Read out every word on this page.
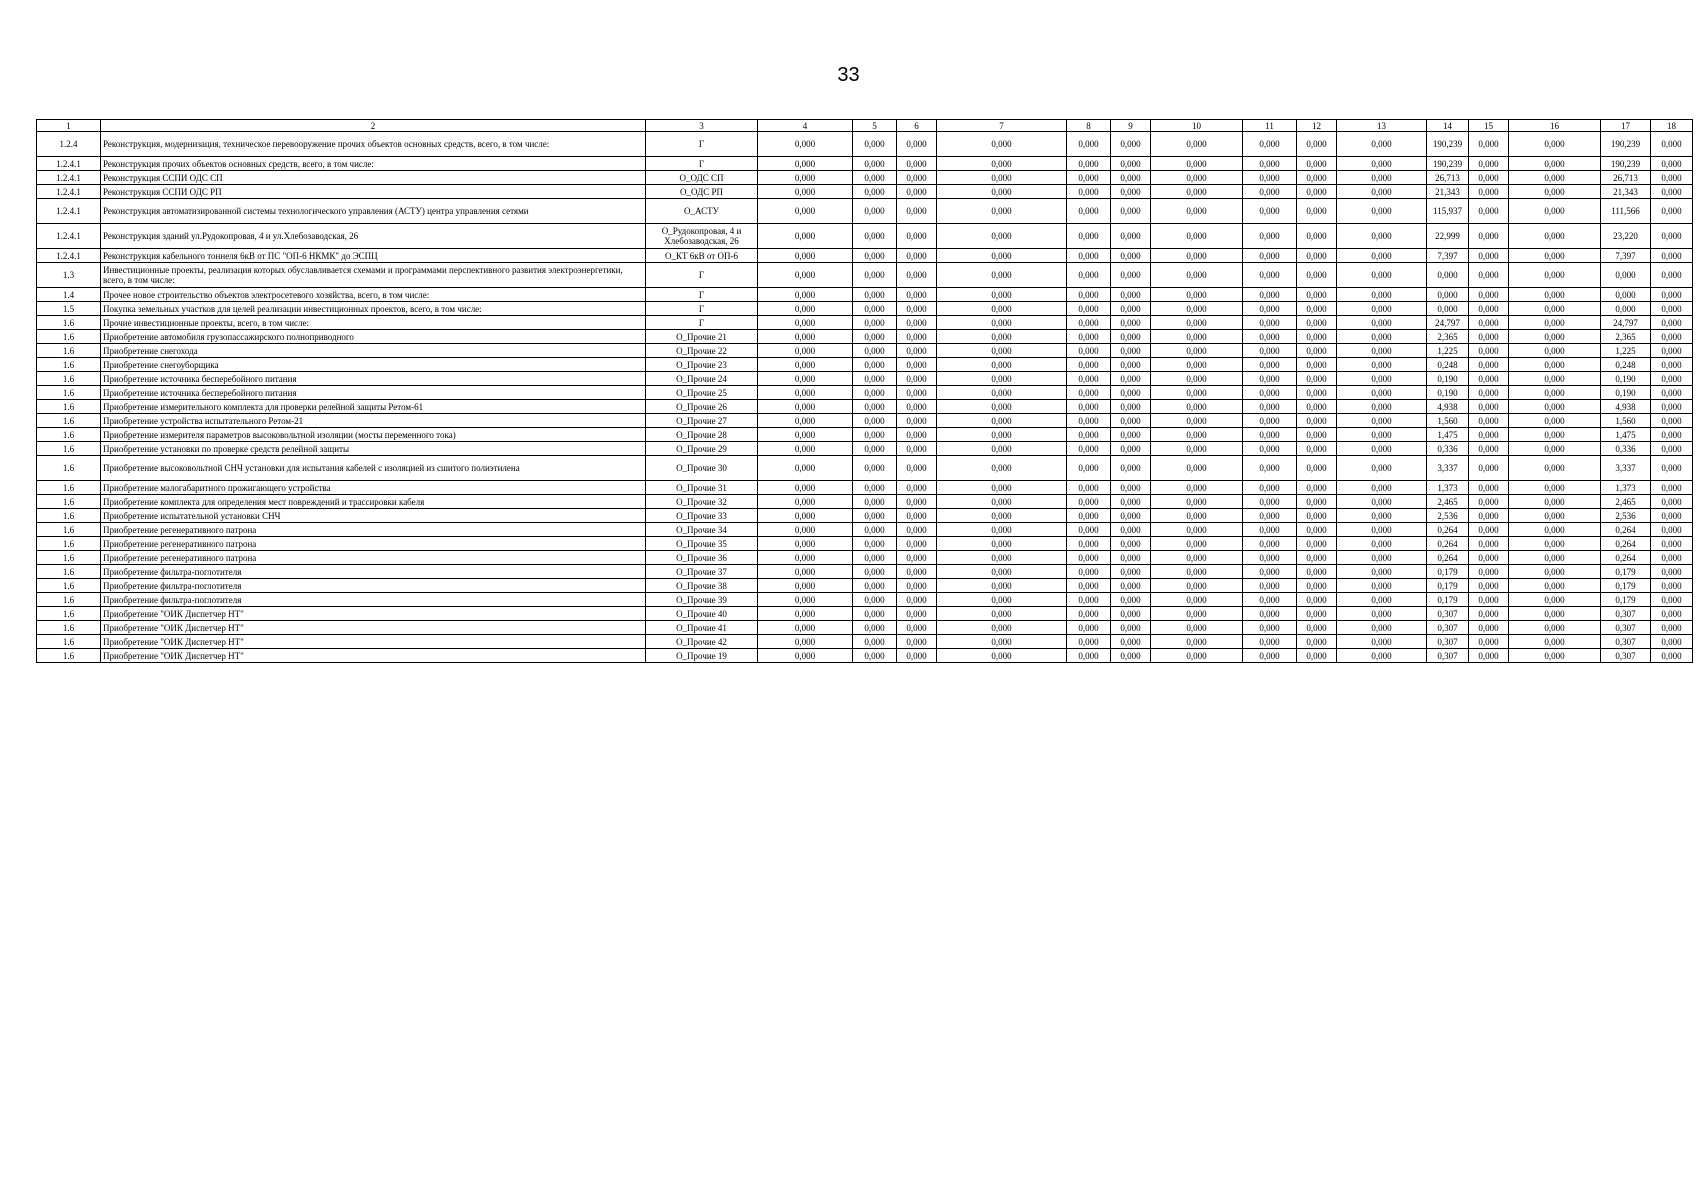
33
1	2	3	4	5	6	7	8	9	10	11	12	13	14	15	16	17	18
1.2.4	Реконструкция, модернизация, техническое перевооружение прочих объектов основных средств, всего, в том числе:	Г	0,000	0,000	0,000	0,000	0,000	0,000	0,000	0,000	0,000	0,000	190,239	0,000	0,000	190,239	0,000
1.2.4.1	Реконструкция прочих объектов основных средств, всего, в том числе:	Г	0,000	0,000	0,000	0,000	0,000	0,000	0,000	0,000	0,000	0,000	190,239	0,000	0,000	190,239	0,000
1.2.4.1	Реконструкция ССПИ ОДС СП	О_ОДС СП	0,000	0,000	0,000	0,000	0,000	0,000	0,000	0,000	0,000	0,000	26,713	0,000	0,000	26,713	0,000
1.2.4.1	Реконструкция ССПИ ОДС РП	О_ОДС РП	0,000	0,000	0,000	0,000	0,000	0,000	0,000	0,000	0,000	0,000	21,343	0,000	0,000	21,343	0,000
1.2.4.1	Реконструкция автоматизированной системы технологического управления (АСТУ) центра управления сетями	О_АСТУ	0,000	0,000	0,000	0,000	0,000	0,000	0,000	0,000	0,000	0,000	115,937	0,000	0,000	111,566	0,000
1.2.4.1	Реконструкция зданий ул.Рудокопровая, 4 и ул.Хлебозаводская, 26	О_Рудокопровая, 4 и Хлебозаводская, 26	0,000	0,000	0,000	0,000	0,000	0,000	0,000	0,000	0,000	0,000	22,999	0,000	0,000	23,220	0,000
1.2.4.1	Реконструкция кабельного тоннеля 6кВ от ПС "ОП-6 НКМК" до ЭСПЦ	О_КТ 6кВ от ОП-6	0,000	0,000	0,000	0,000	0,000	0,000	0,000	0,000	0,000	0,000	7,397	0,000	0,000	7,397	0,000
1.3	Инвестиционные проекты, реализация которых обуславливается схемами и программами перспективного развития электроэнергетики, всего, в том числе:	Г	0,000	0,000	0,000	0,000	0,000	0,000	0,000	0,000	0,000	0,000	0,000	0,000	0,000	0,000	0,000
1.4	Прочее новое строительство объектов электросетевого хозяйства, всего, в том числе:	Г	0,000	0,000	0,000	0,000	0,000	0,000	0,000	0,000	0,000	0,000	0,000	0,000	0,000	0,000	0,000
1.5	Покупка земельных участков для целей реализации инвестиционных проектов, всего, в том числе:	Г	0,000	0,000	0,000	0,000	0,000	0,000	0,000	0,000	0,000	0,000	0,000	0,000	0,000	0,000	0,000
1.6	Прочие инвестиционные проекты, всего, в том числе:	Г	0,000	0,000	0,000	0,000	0,000	0,000	0,000	0,000	0,000	0,000	24,797	0,000	0,000	24,797	0,000
1.6	Приобретение автомобиля грузопассажирского полноприводного	О_Прочие 21	0,000	0,000	0,000	0,000	0,000	0,000	0,000	0,000	0,000	0,000	2,365	0,000	0,000	2,365	0,000
1.6	Приобретение снегохода	О_Прочие 22	0,000	0,000	0,000	0,000	0,000	0,000	0,000	0,000	0,000	0,000	1,225	0,000	0,000	1,225	0,000
1.6	Приобретение снегоуборщика	О_Прочие 23	0,000	0,000	0,000	0,000	0,000	0,000	0,000	0,000	0,000	0,000	0,248	0,000	0,000	0,248	0,000
1.6	Приобретение источника бесперебойного питания	О_Прочие 24	0,000	0,000	0,000	0,000	0,000	0,000	0,000	0,000	0,000	0,000	0,190	0,000	0,000	0,190	0,000
1.6	Приобретение источника бесперебойного питания	О_Прочие 25	0,000	0,000	0,000	0,000	0,000	0,000	0,000	0,000	0,000	0,000	0,190	0,000	0,000	0,190	0,000
1.6	Приобретение измерительного комплекта для проверки релейной защиты Ретом-61	О_Прочие 26	0,000	0,000	0,000	0,000	0,000	0,000	0,000	0,000	0,000	0,000	4,938	0,000	0,000	4,938	0,000
1.6	Приобретение устройства испытательного Ретом-21	О_Прочие 27	0,000	0,000	0,000	0,000	0,000	0,000	0,000	0,000	0,000	0,000	1,560	0,000	0,000	1,560	0,000
1.6	Приобретение измерителя параметров высоковольтной изоляции (мосты переменного тока)	О_Прочие 28	0,000	0,000	0,000	0,000	0,000	0,000	0,000	0,000	0,000	0,000	1,475	0,000	0,000	1,475	0,000
1.6	Приобретение установки по проверке средств релейной защиты	О_Прочие 29	0,000	0,000	0,000	0,000	0,000	0,000	0,000	0,000	0,000	0,000	0,336	0,000	0,000	0,336	0,000
1.6	Приобретение высоковольтной СНЧ установки для испытания кабелей с изоляцией из сшитого полиэтилена	О_Прочие 30	0,000	0,000	0,000	0,000	0,000	0,000	0,000	0,000	0,000	0,000	3,337	0,000	0,000	3,337	0,000
1.6	Приобретение малогабаритного прожигающего устройства	О_Прочие 31	0,000	0,000	0,000	0,000	0,000	0,000	0,000	0,000	0,000	0,000	1,373	0,000	0,000	1,373	0,000
1.6	Приобретение комплекта для определения мест повреждений и трассировки кабеля	О_Прочие 32	0,000	0,000	0,000	0,000	0,000	0,000	0,000	0,000	0,000	0,000	2,465	0,000	0,000	2,465	0,000
1.6	Приобретение испытательной установки СНЧ	О_Прочие 33	0,000	0,000	0,000	0,000	0,000	0,000	0,000	0,000	0,000	0,000	2,536	0,000	0,000	2,536	0,000
1.6	Приобретение регенеративного патрона	О_Прочие 34	0,000	0,000	0,000	0,000	0,000	0,000	0,000	0,000	0,000	0,000	0,264	0,000	0,000	0,264	0,000
1.6	Приобретение регенеративного патрона	О_Прочие 35	0,000	0,000	0,000	0,000	0,000	0,000	0,000	0,000	0,000	0,000	0,264	0,000	0,000	0,264	0,000
1.6	Приобретение регенеративного патрона	О_Прочие 36	0,000	0,000	0,000	0,000	0,000	0,000	0,000	0,000	0,000	0,000	0,264	0,000	0,000	0,264	0,000
1.6	Приобретение фильтра-поглотителя	О_Прочие 37	0,000	0,000	0,000	0,000	0,000	0,000	0,000	0,000	0,000	0,000	0,179	0,000	0,000	0,179	0,000
1.6	Приобретение фильтра-поглотителя	О_Прочие 38	0,000	0,000	0,000	0,000	0,000	0,000	0,000	0,000	0,000	0,000	0,179	0,000	0,000	0,179	0,000
1.6	Приобретение фильтра-поглотителя	О_Прочие 39	0,000	0,000	0,000	0,000	0,000	0,000	0,000	0,000	0,000	0,000	0,179	0,000	0,000	0,179	0,000
1.6	Приобретение "ОИК Диспетчер НТ"	О_Прочие 40	0,000	0,000	0,000	0,000	0,000	0,000	0,000	0,000	0,000	0,000	0,307	0,000	0,000	0,307	0,000
1.6	Приобретение "ОИК Диспетчер НТ"	О_Прочие 41	0,000	0,000	0,000	0,000	0,000	0,000	0,000	0,000	0,000	0,000	0,307	0,000	0,000	0,307	0,000
1.6	Приобретение "ОИК Диспетчер НТ"	О_Прочие 42	0,000	0,000	0,000	0,000	0,000	0,000	0,000	0,000	0,000	0,000	0,307	0,000	0,000	0,307	0,000
1.6	Приобретение "ОИК Диспетчер НТ"	О_Прочие 19	0,000	0,000	0,000	0,000	0,000	0,000	0,000	0,000	0,000	0,000	0,307	0,000	0,000	0,307	0,000
